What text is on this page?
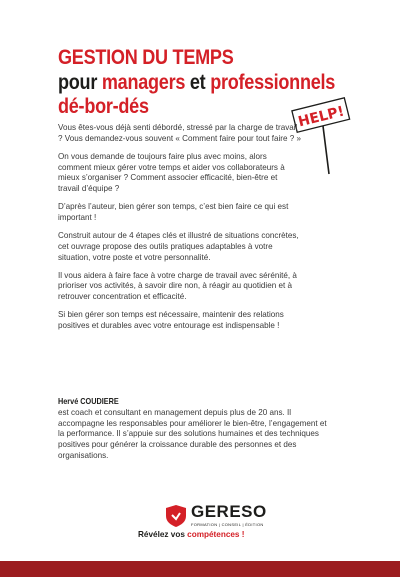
GESTION DU TEMPS
pour managers et professionnels
dé-bor-dés	HELP!

Vous êtes-vous déjà senti débordé, stressé par la charge de travail ? Vous demandez-vous souvent « Comment faire pour tout faire ? »

On vous demande de toujours faire plus avec moins, alors comment mieux gérer votre temps et aider vos collaborateurs à mieux s’organiser ? Comment associer efficacité, bien-être et travail d’équipe ?

D’après l’auteur, bien gérer son temps, c’est bien faire ce qui est important !

Construit autour de 4 étapes clés et illustré de situations concrètes, cet ouvrage propose des outils pratiques adaptables à votre situation, votre poste et votre personnalité.

Il vous aidera à faire face à votre charge de travail avec sérénité, à prioriser vos activités, à savoir dire non, à réagir au quotidien et à retrouver concentration et efficacité.

Si bien gérer son temps est nécessaire, maintenir des relations positives et durables avec votre entourage est indispensable !

Hervé COUDIERE
est coach et consultant en management depuis plus de 20 ans. Il accompagne les responsables pour améliorer le bien-être, l’engagement et la performance. Il s’appuie sur des solutions humaines et des techniques positives pour générer la croissance durable des personnes et des organisations.
GERESO
FORMATION | CONSEIL | ÉDITION
Révélez vos compétences !
